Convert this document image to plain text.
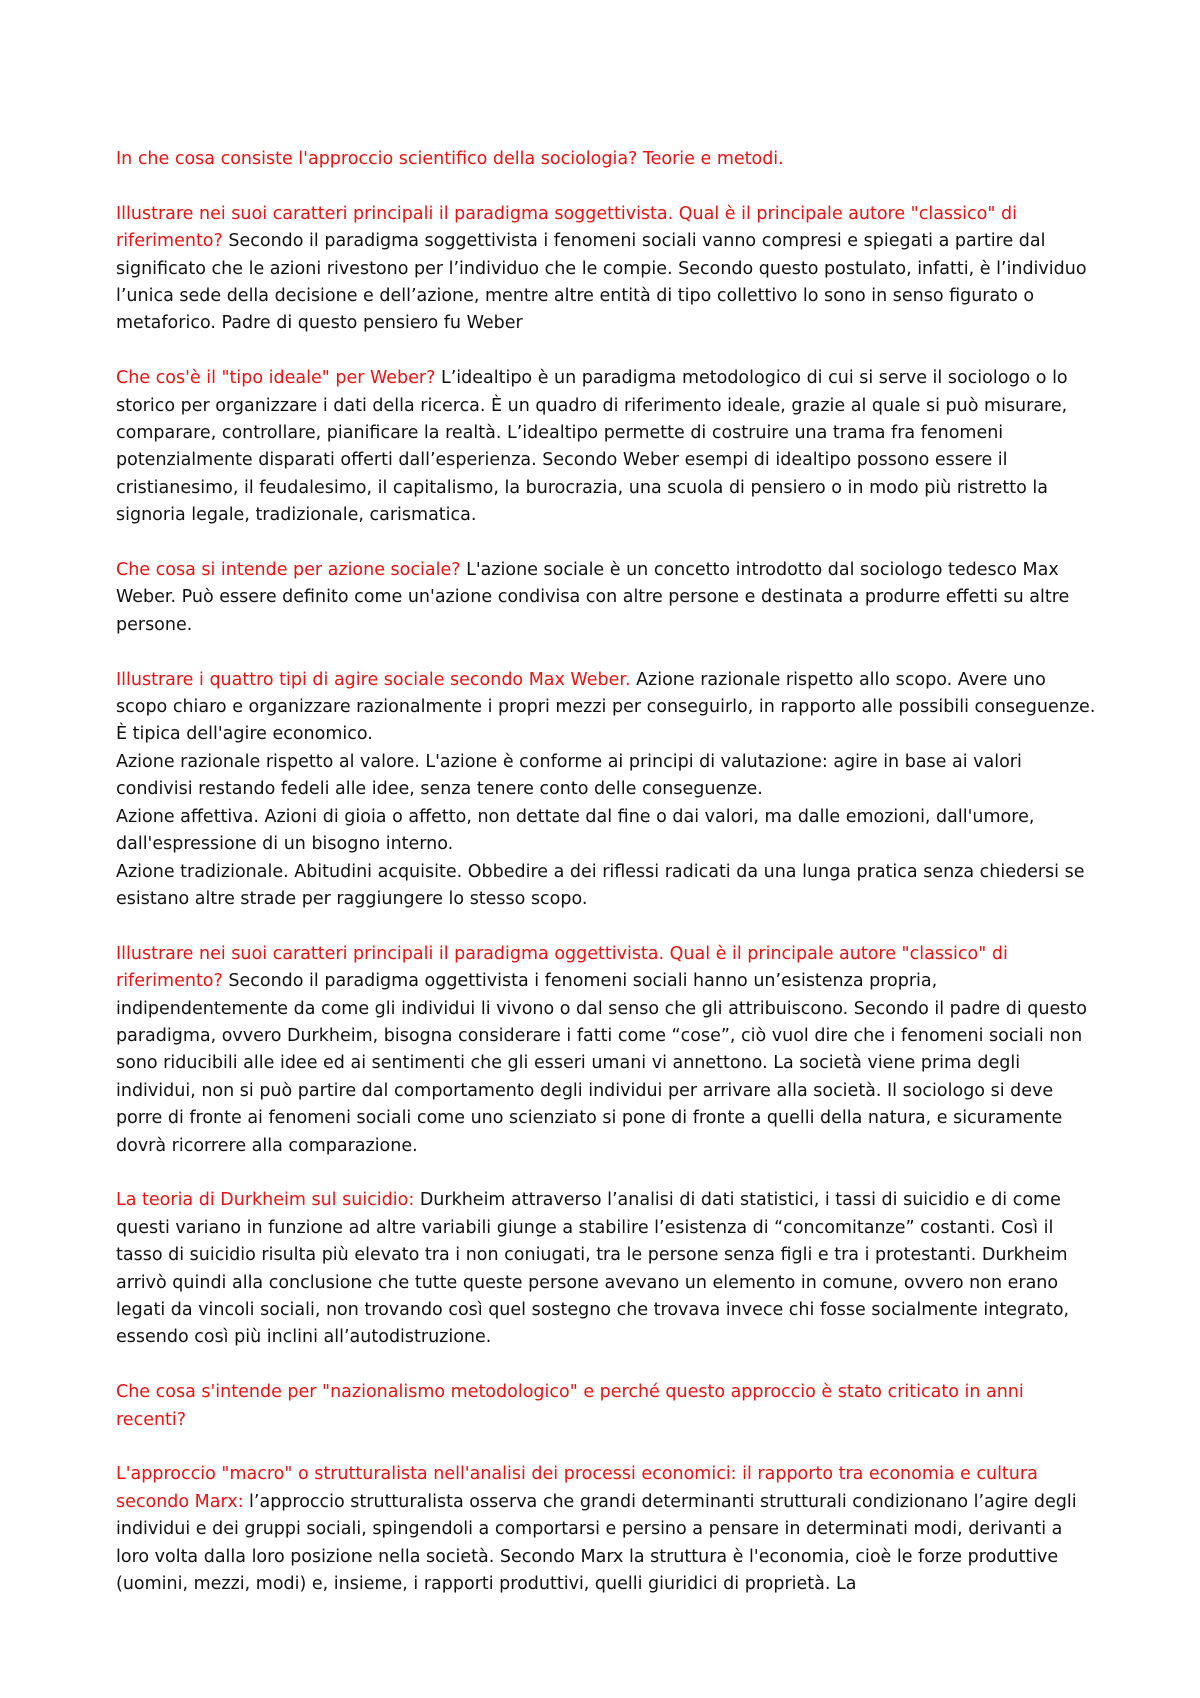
In che cosa consiste l'approccio scientifico della sociologia? Teorie e metodi.

Illustrare nei suoi caratteri principali il paradigma soggettivista. Qual è il principale autore "classico" di riferimento? Secondo il paradigma soggettivista i fenomeni sociali vanno compresi e spiegati a partire dal significato che le azioni rivestono per l’individuo che le compie. Secondo questo postulato, infatti, è l’individuo l’unica sede della decisione e dell’azione, mentre altre entità di tipo collettivo lo sono in senso figurato o metaforico. Padre di questo pensiero fu Weber

Che cos'è il "tipo ideale" per Weber? L’idealtipo è un paradigma metodologico di cui si serve il sociologo o lo storico per organizzare i dati della ricerca. È un quadro di riferimento ideale, grazie al quale si può misurare, comparare, controllare, pianificare la realtà. L’idealtipo permette di costruire una trama fra fenomeni potenzialmente disparati offerti dall’esperienza. Secondo Weber esempi di idealtipo possono essere il cristianesimo, il feudalesimo, il capitalismo, la burocrazia, una scuola di pensiero o in modo più ristretto la signoria legale, tradizionale, carismatica.

Che cosa si intende per azione sociale? L'azione sociale è un concetto introdotto dal sociologo tedesco Max Weber. Può essere definito come un'azione condivisa con altre persone e destinata a produrre effetti su altre persone.

Illustrare i quattro tipi di agire sociale secondo Max Weber. Azione razionale rispetto allo scopo. Avere uno scopo chiaro e organizzare razionalmente i propri mezzi per conseguirlo, in rapporto alle possibili conseguenze. È tipica dell'agire economico.
Azione razionale rispetto al valore. L'azione è conforme ai principi di valutazione: agire in base ai valori condivisi restando fedeli alle idee, senza tenere conto delle conseguenze.
Azione affettiva. Azioni di gioia o affetto, non dettate dal fine o dai valori, ma dalle emozioni, dall'umore, dall'espressione di un bisogno interno.
Azione tradizionale. Abitudini acquisite. Obbedire a dei riflessi radicati da una lunga pratica senza chiedersi se esistano altre strade per raggiungere lo stesso scopo.

Illustrare nei suoi caratteri principali il paradigma oggettivista. Qual è il principale autore "classico" di riferimento? Secondo il paradigma oggettivista i fenomeni sociali hanno un’esistenza propria, indipendentemente da come gli individui li vivono o dal senso che gli attribuiscono. Secondo il padre di questo paradigma, ovvero Durkheim, bisogna considerare i fatti come “cose”, ciò vuol dire che i fenomeni sociali non sono riducibili alle idee ed ai sentimenti che gli esseri umani vi annettono. La società viene prima degli individui, non si può partire dal comportamento degli individui per arrivare alla società. Il sociologo si deve porre di fronte ai fenomeni sociali come uno scienziato si pone di fronte a quelli della natura, e sicuramente dovrà ricorrere alla comparazione.

La teoria di Durkheim sul suicidio: Durkheim attraverso l’analisi di dati statistici, i tassi di suicidio e di come questi variano in funzione ad altre variabili giunge a stabilire l’esistenza di “concomitanze” costanti. Così il tasso di suicidio risulta più elevato tra i non coniugati, tra le persone senza figli e tra i protestanti. Durkheim arrivò quindi alla conclusione che tutte queste persone avevano un elemento in comune, ovvero non erano legati da vincoli sociali, non trovando così quel sostegno che trovava invece chi fosse socialmente integrato, essendo così più inclini all’autodistruzione.

Che cosa s'intende per "nazionalismo metodologico" e perché questo approccio è stato criticato in anni recenti?

L'approccio "macro" o strutturalista nell'analisi dei processi economici: il rapporto tra economia e cultura secondo Marx: l’approccio strutturalista osserva che grandi determinanti strutturali condizionano l’agire degli individui e dei gruppi sociali, spingendoli a comportarsi e persino a pensare in determinati modi, derivanti a loro volta dalla loro posizione nella società. Secondo Marx la struttura è l'economia, cioè le forze produttive (uomini, mezzi, modi) e, insieme, i rapporti produttivi, quelli giuridici di proprietà. La
